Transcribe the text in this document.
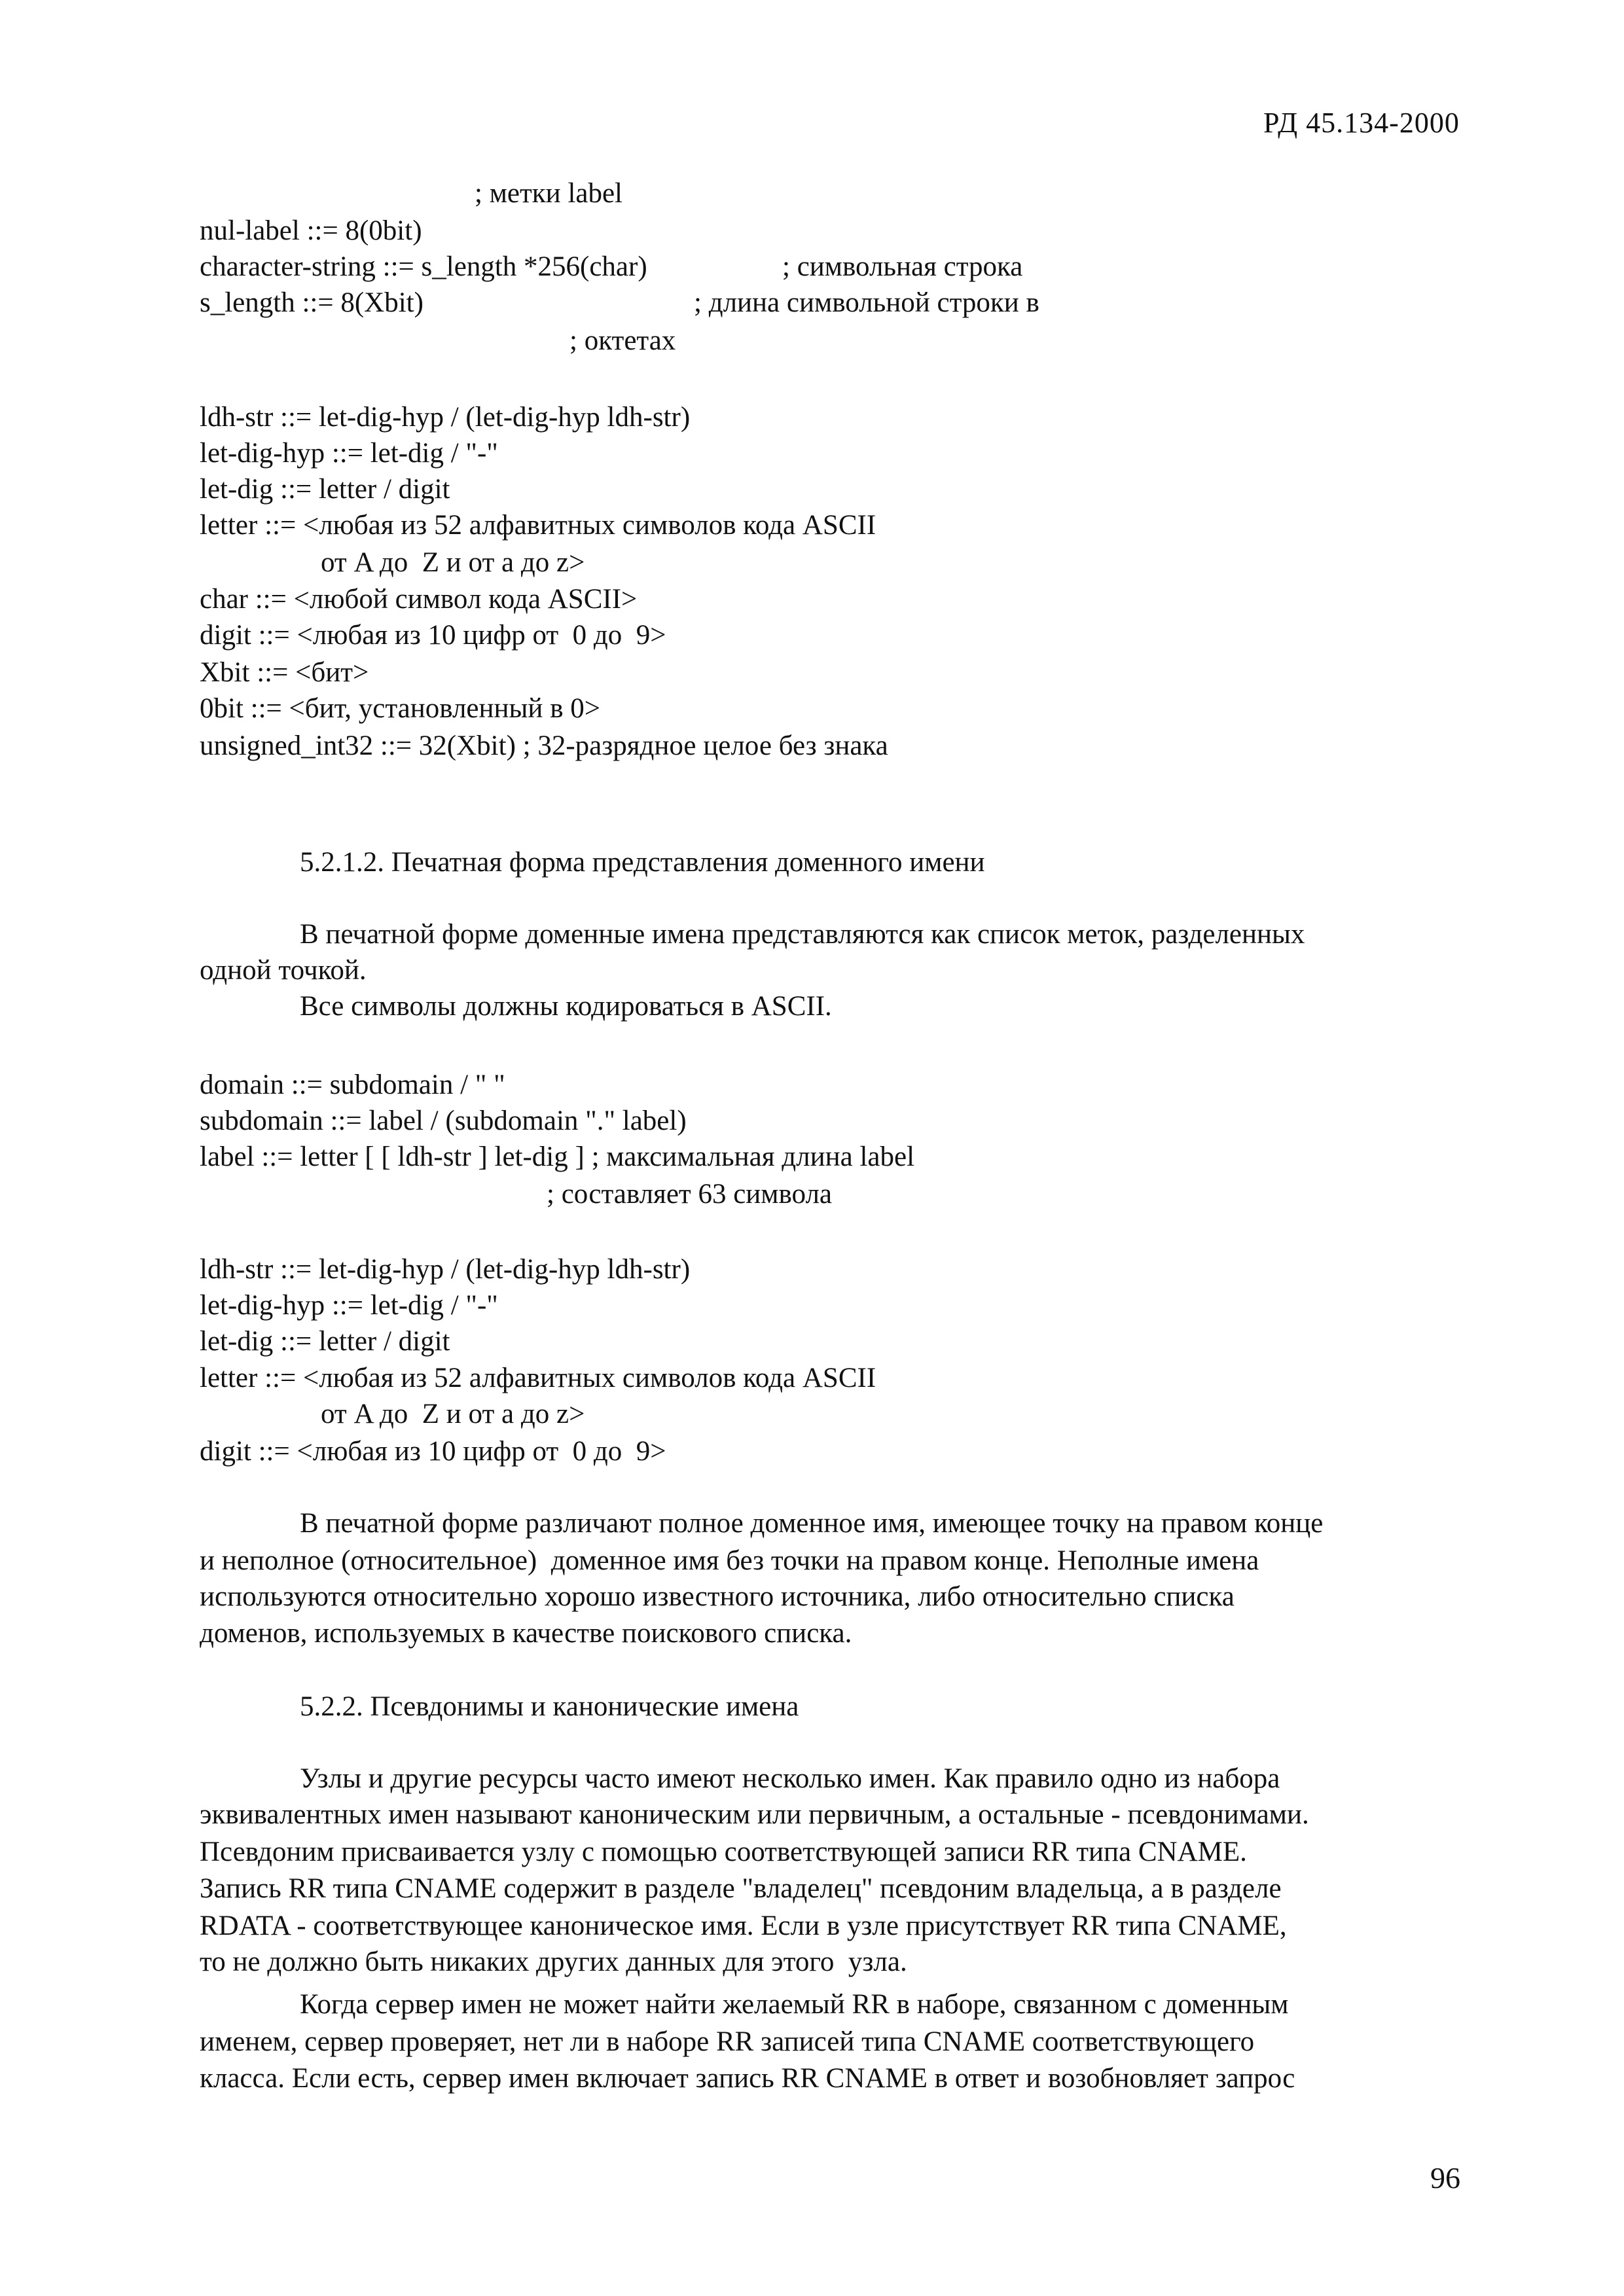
РД 45.134-2000
; метки label
nul-label ::= 8(0bit)
character-string ::= s_length *256(char)	; символьная строка
s_length ::= 8(Xbit)	; длина символьной строки в
; октетах
ldh-str ::= let-dig-hyp / (let-dig-hyp ldh-str)
let-dig-hyp ::= let-dig / "-"
let-dig ::= letter / digit
letter ::= <любая из 52 алфавитных символов кода ASCII
от A до  Z и от a до z>
char ::= <любой символ кода ASCII>
digit ::= <любая из 10 цифр от  0 до  9>
Xbit ::= <бит>
0bit ::= <бит, установленный в 0>
unsigned_int32 ::= 32(Xbit) ; 32-разрядное целое без знака
5.2.1.2. Печатная форма представления доменного имени
В печатной форме доменные имена представляются как список меток, разделенных
одной точкой.
Все символы должны кодироваться в ASCII.
domain ::= subdomain / " "
subdomain ::= label / (subdomain "." label)
label ::= letter [ [ ldh-str ] let-dig ] ; максимальная длина label
; составляет 63 символа
ldh-str ::= let-dig-hyp / (let-dig-hyp ldh-str)
let-dig-hyp ::= let-dig / "-"
let-dig ::= letter / digit
letter ::= <любая из 52 алфавитных символов кода ASCII
от A до  Z и от a до z>
digit ::= <любая из 10 цифр от  0 до  9>
В печатной форме различают полное доменное имя, имеющее точку на правом конце
и неполное (относительное)  доменное имя без точки на правом конце. Неполные имена
используются относительно хорошо известного источника, либо относительно списка
доменов, используемых в качестве поискового списка.
5.2.2. Псевдонимы и канонические имена
Узлы и другие ресурсы часто имеют несколько имен. Как правило одно из набора
эквивалентных имен называют каноническим или первичным, а остальные - псевдонимами.
Псевдоним присваивается узлу с помощью соответствующей записи RR типа CNAME.
Запись RR типа CNAME содержит в разделе "владелец" псевдоним владельца, а в разделе
RDATA - соответствующее каноническое имя. Если в узле присутствует RR типа CNAME,
то не должно быть никаких других данных для этого  узла.
Когда сервер имен не может найти желаемый RR в наборе, связанном с доменным
именем, сервер проверяет, нет ли в наборе RR записей типа CNAME соответствующего
класса. Если есть, сервер имен включает запись RR CNAME в ответ и возобновляет запрос
96
